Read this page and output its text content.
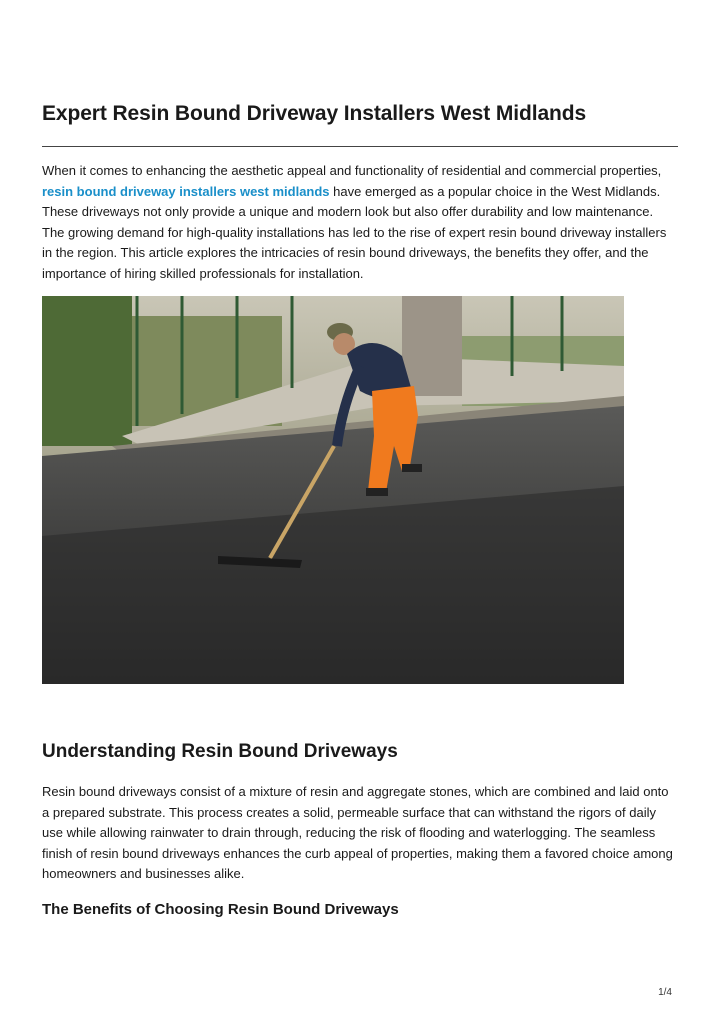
Expert Resin Bound Driveway Installers West Midlands

When it comes to enhancing the aesthetic appeal and functionality of residential and commercial properties, resin bound driveway installers west midlands have emerged as a popular choice in the West Midlands. These driveways not only provide a unique and modern look but also offer durability and low maintenance. The growing demand for high-quality installations has led to the rise of expert resin bound driveway installers in the region. This article explores the intricacies of resin bound driveways, the benefits they offer, and the importance of hiring skilled professionals for installation.

Understanding Resin Bound Driveways

Resin bound driveways consist of a mixture of resin and aggregate stones, which are combined and laid onto a prepared substrate. This process creates a solid, permeable surface that can withstand the rigors of daily use while allowing rainwater to drain through, reducing the risk of flooding and waterlogging. The seamless finish of resin bound driveways enhances the curb appeal of properties, making them a favored choice among homeowners and businesses alike.

The Benefits of Choosing Resin Bound Driveways
1/4
